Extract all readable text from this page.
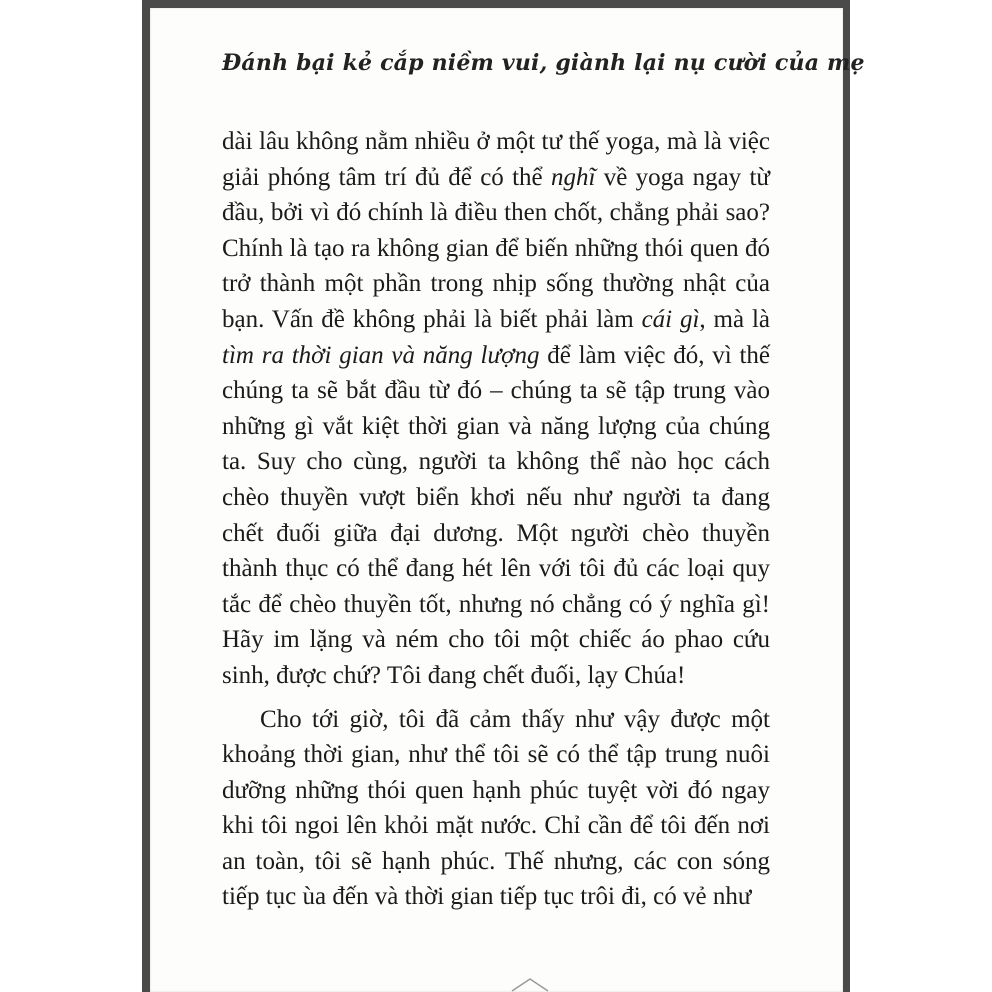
Đánh bại kẻ cắp niềm vui, giành lại nụ cười của mẹ

dài lâu không nằm nhiều ở một tư thế yoga, mà là việc giải phóng tâm trí đủ để có thể nghĩ về yoga ngay từ đầu, bởi vì đó chính là điều then chốt, chẳng phải sao? Chính là tạo ra không gian để biến những thói quen đó trở thành một phần trong nhịp sống thường nhật của bạn. Vấn đề không phải là biết phải làm cái gì, mà là tìm ra thời gian và năng lượng để làm việc đó, vì thế chúng ta sẽ bắt đầu từ đó – chúng ta sẽ tập trung vào những gì vắt kiệt thời gian và năng lượng của chúng ta. Suy cho cùng, người ta không thể nào học cách chèo thuyền vượt biển khơi nếu như người ta đang chết đuối giữa đại dương. Một người chèo thuyền thành thục có thể đang hét lên với tôi đủ các loại quy tắc để chèo thuyền tốt, nhưng nó chẳng có ý nghĩa gì! Hãy im lặng và ném cho tôi một chiếc áo phao cứu sinh, được chứ? Tôi đang chết đuối, lạy Chúa!

Cho tới giờ, tôi đã cảm thấy như vậy được một khoảng thời gian, như thể tôi sẽ có thể tập trung nuôi dưỡng những thói quen hạnh phúc tuyệt vời đó ngay khi tôi ngoi lên khỏi mặt nước. Chỉ cần để tôi đến nơi an toàn, tôi sẽ hạnh phúc. Thế nhưng, các con sóng tiếp tục ùa đến và thời gian tiếp tục trôi đi, có vẻ như
